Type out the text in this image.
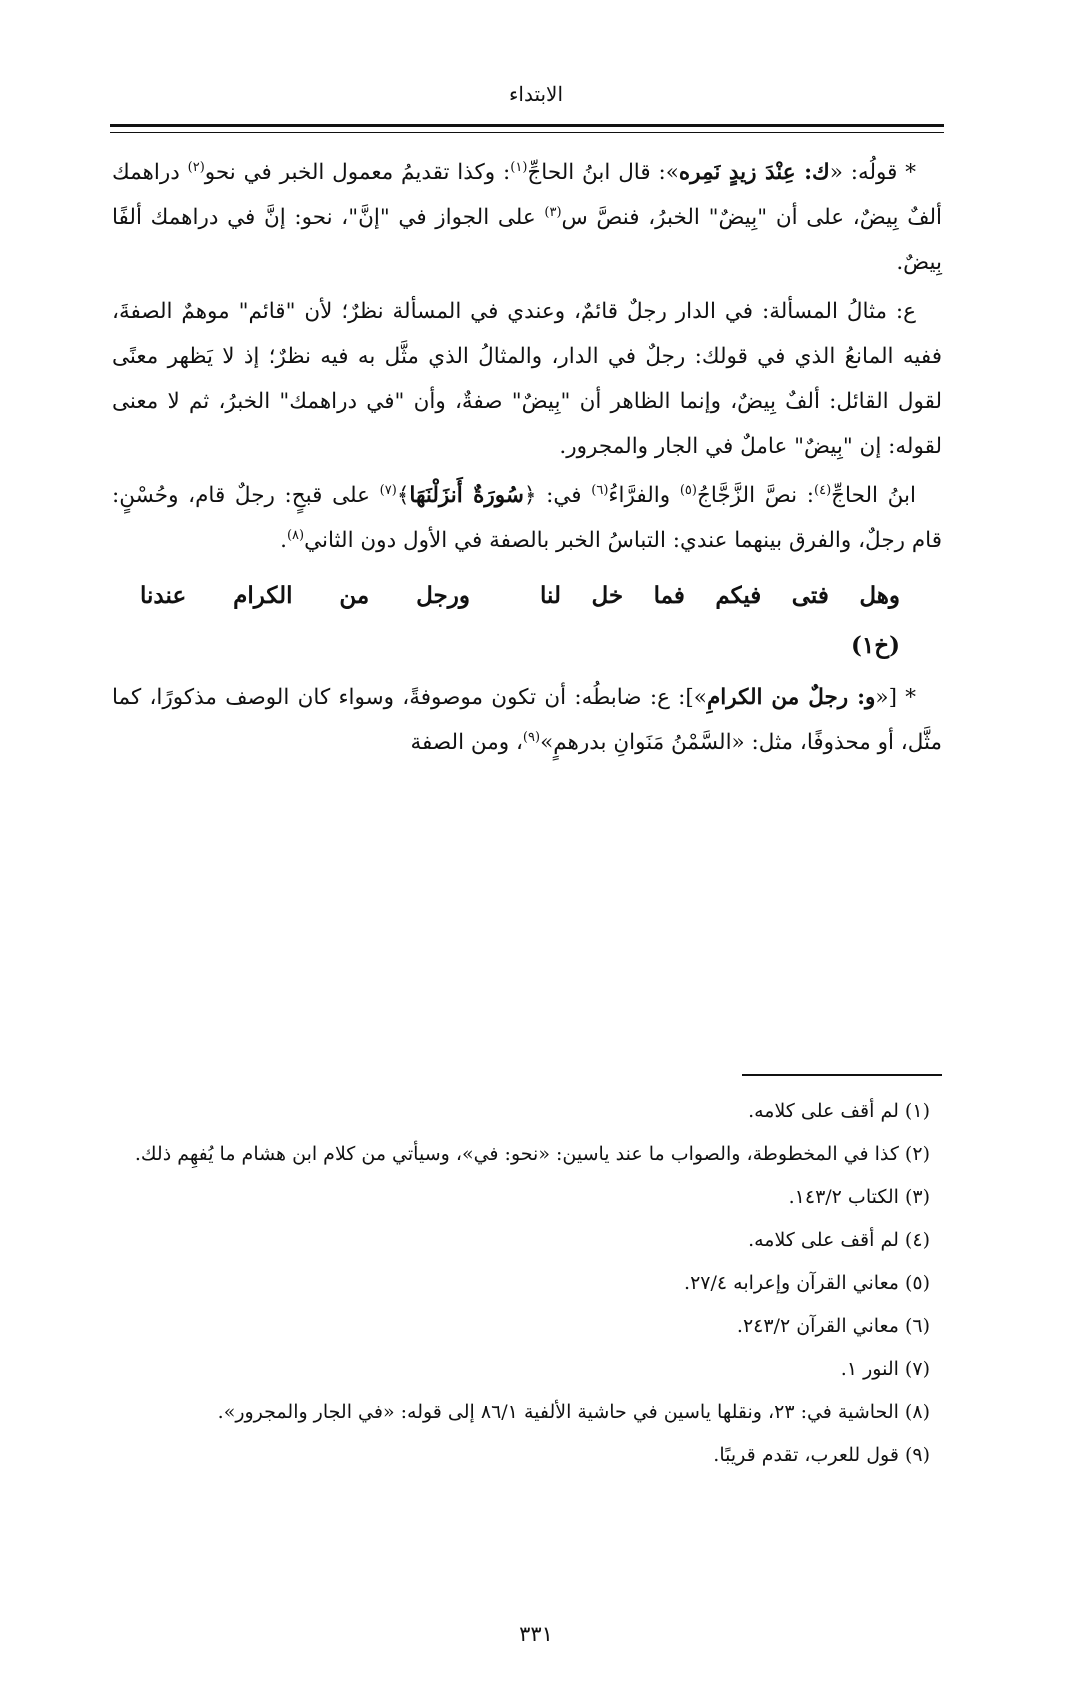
الابتداء

* قولُه: «ك: عِنْدَ زيدٍ نَمِره»: قال ابنُ الحاجِّ$^{(١)}$: وكذا تقديمُ معمول الخبر في نحو$^{(٢)}$ دراهمك ألفٌ بِيضٌ، على أن "بِيضٌ" الخبرُ، فنصَّ س$^{(٣)}$ على الجواز في "إنَّ"، نحو: إنَّ في دراهمك ألفًا بِيضٌ.

ع: مثالُ المسألة: في الدار رجلٌ قائمٌ، وعندي في المسألة نظرٌ؛ لأن "قائم" موهمٌ الصفةَ، ففيه المانعُ الذي في قولك: رجلٌ في الدار، والمثالُ الذي مثَّل به فيه نظرٌ؛ إذ لا يَظهر معنًى لقول القائل: ألفٌ بِيضٌ، وإنما الظاهر أن "بِيضٌ" صفةٌ، وأن "في دراهمك" الخبرُ، ثم لا معنى لقوله: إن "بِيضٌ" عاملٌ في الجار والمجرور.

ابنُ الحاجِّ$^{(٤)}$: نصَّ الزَّجَّاجُ$^{(٥)}$ والفرَّاءُ$^{(٦)}$ في: ﴿سُورَةٌ أَنزَلْنَهَا﴾$^{(٧)}$ على قبحٍ: رجلٌ قام، وحُسْنٍ: قام رجلٌ، والفرق بينهما عندي: التباسُ الخبر بالصفة في الأول دون الثاني$^{(٨)}$.

وهل
فتى
فيكم
فما
خل
لنا
ورجل
من
الكرام
عندنا
(خ١)

* [«و: رجلٌ من الكرامِ»]: ع: ضابطُه: أن تكون موصوفةً، وسواء كان الوصف مذكورًا، كما مثَّل، أو محذوفًا، مثل: «السَّمْنُ مَنَوانِ بدرهمٍ»$^{(٩)}$، ومن الصفة

(١) لم أقف على كلامه.

(٢) كذا في المخطوطة، والصواب ما عند ياسين: «نحو: في»، وسيأتي من كلام ابن هشام ما يُفهِم ذلك.

(٣) الكتاب ١٤٣/٢.

(٤) لم أقف على كلامه.

(٥) معاني القرآن وإعرابه ٢٧/٤.

(٦) معاني القرآن ٢٤٣/٢.

(٧) النور ١.

(٨) الحاشية في: ٢٣، ونقلها ياسين في حاشية الألفية ٨٦/١ إلى قوله: «في الجار والمجرور».

(٩) قول للعرب، تقدم قريبًا.

٣٣١
